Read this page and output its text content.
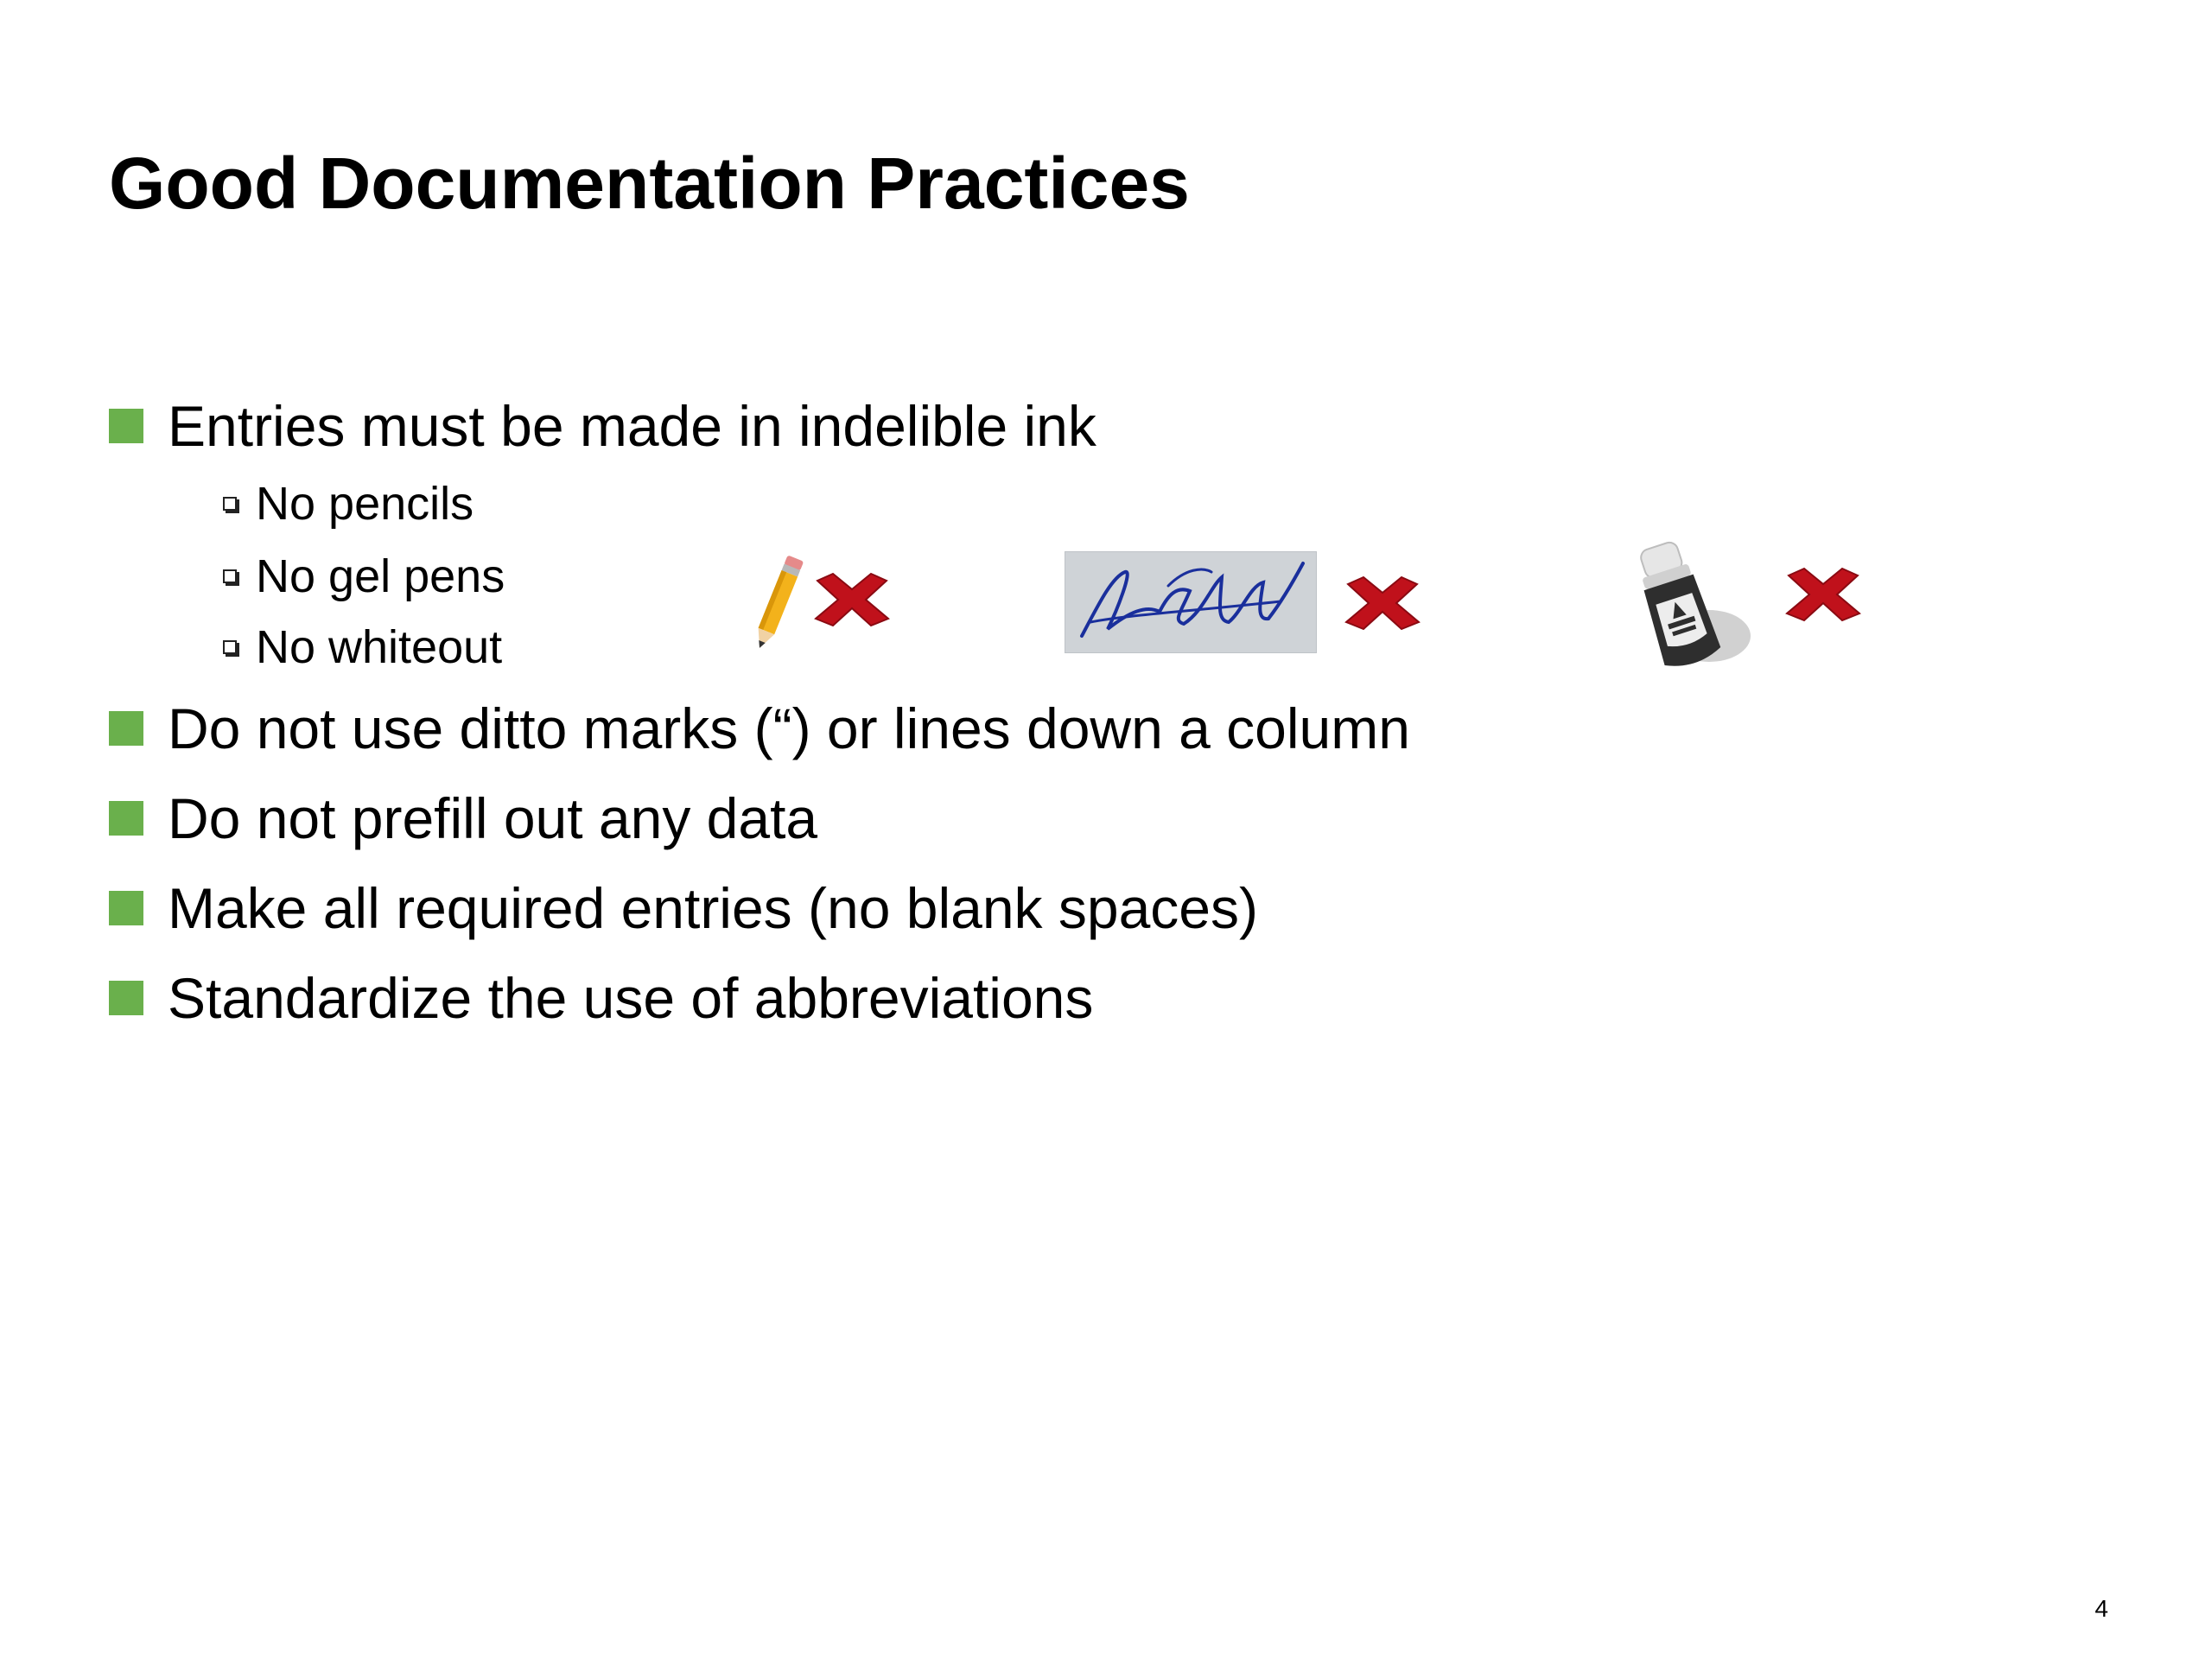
Good Documentation Practices
Entries must be made in indelible ink
No pencils
No gel pens
No whiteout
Do not use ditto marks (“) or lines down a column
Do not prefill out any data
Make all required entries (no blank spaces)
Standardize the use of abbreviations
4
